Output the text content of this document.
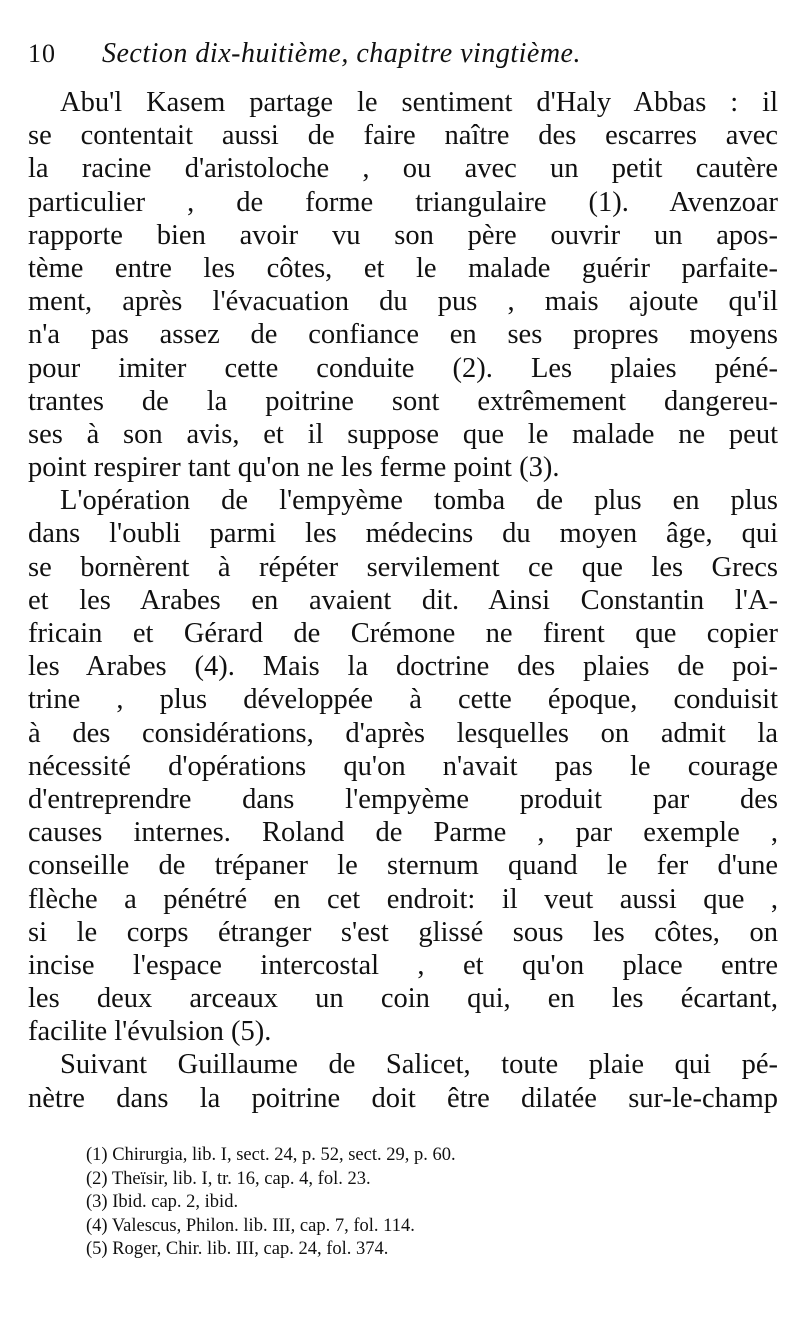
10	Section dix-huitième, chapitre vingtième.
Abu'l Kasem partage le sentiment d'Haly Abbas : il
se contentait aussi de faire naître des escarres avec
la racine d'aristoloche , ou avec un petit cautère
particulier , de forme triangulaire (1). Avenzoar
rapporte bien avoir vu son père ouvrir un apos-
tème entre les côtes, et le malade guérir parfaite-
ment, après l'évacuation du pus , mais ajoute qu'il
n'a pas assez de confiance en ses propres moyens
pour imiter cette conduite (2). Les plaies péné-
trantes de la poitrine sont extrêmement dangereu-
ses à son avis, et il suppose que le malade ne peut
point respirer tant qu'on ne les ferme point (3).
L'opération de l'empyème tomba de plus en plus
dans l'oubli parmi les médecins du moyen âge, qui
se bornèrent à répéter servilement ce que les Grecs
et les Arabes en avaient dit. Ainsi Constantin l'A-
fricain et Gérard de Crémone ne firent que copier
les Arabes (4). Mais la doctrine des plaies de poi-
trine , plus développée à cette époque, conduisit
à des considérations, d'après lesquelles on admit la
nécessité d'opérations qu'on n'avait pas le courage
d'entreprendre dans l'empyème produit par des
causes internes. Roland de Parme , par exemple ,
conseille de trépaner le sternum quand le fer d'une
flèche a pénétré en cet endroit: il veut aussi que ,
si le corps étranger s'est glissé sous les côtes, on
incise l'espace intercostal , et qu'on place entre
les deux arceaux un coin qui, en les écartant,
facilite l'évulsion (5).
Suivant Guillaume de Salicet, toute plaie qui pé-
nètre dans la poitrine doit être dilatée sur-le-champ
(1) Chirurgia, lib. I, sect. 24, p. 52, sect. 29, p. 60.
(2) Theïsir, lib. I, tr. 16, cap. 4, fol. 23.
(3) Ibid. cap. 2, ibid.
(4) Valescus, Philon. lib. III, cap. 7, fol. 114.
(5) Roger, Chir. lib. III, cap. 24, fol. 374.
